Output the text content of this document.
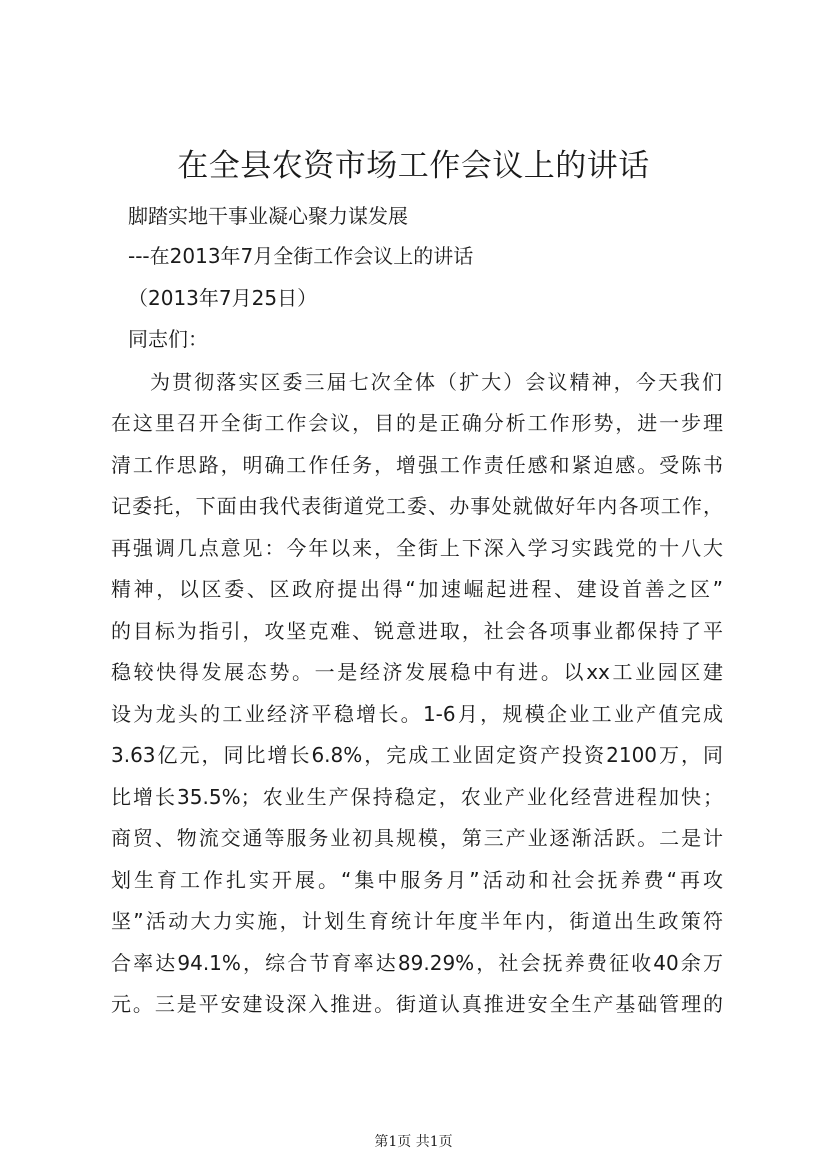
在全县农资市场工作会议上的讲话

脚踏实地干事业凝心聚力谋发展

---在2013年7月全街工作会议上的讲话

（2013年7月25日）

同志们：

为贯彻落实区委三届七次全体（扩大）会议精神，今天我们

在这里召开全街工作会议，目的是正确分析工作形势，进一步理

清工作思路，明确工作任务，增强工作责任感和紧迫感。受陈书

记委托，下面由我代表街道党工委、办事处就做好年内各项工作，

再强调几点意见：今年以来，全街上下深入学习实践党的十八大

精神，以区委、区政府提出得“加速崛起进程、建设首善之区”

的目标为指引，攻坚克难、锐意进取，社会各项事业都保持了平

稳较快得发展态势。一是经济发展稳中有进。以xx工业园区建

设为龙头的工业经济平稳增长。1-6月，规模企业工业产值完成

3.63亿元，同比增长6.8%，完成工业固定资产投资2100万，同

比增长35.5%；农业生产保持稳定，农业产业化经营进程加快；

商贸、物流交通等服务业初具规模，第三产业逐渐活跃。二是计

划生育工作扎实开展。“集中服务月”活动和社会抚养费“再攻

坚”活动大力实施，计划生育统计年度半年内，街道出生政策符

合率达94.1%，综合节育率达89.29%，社会抚养费征收40余万

元。三是平安建设深入推进。街道认真推进安全生产基础管理的

第1页 共1页
